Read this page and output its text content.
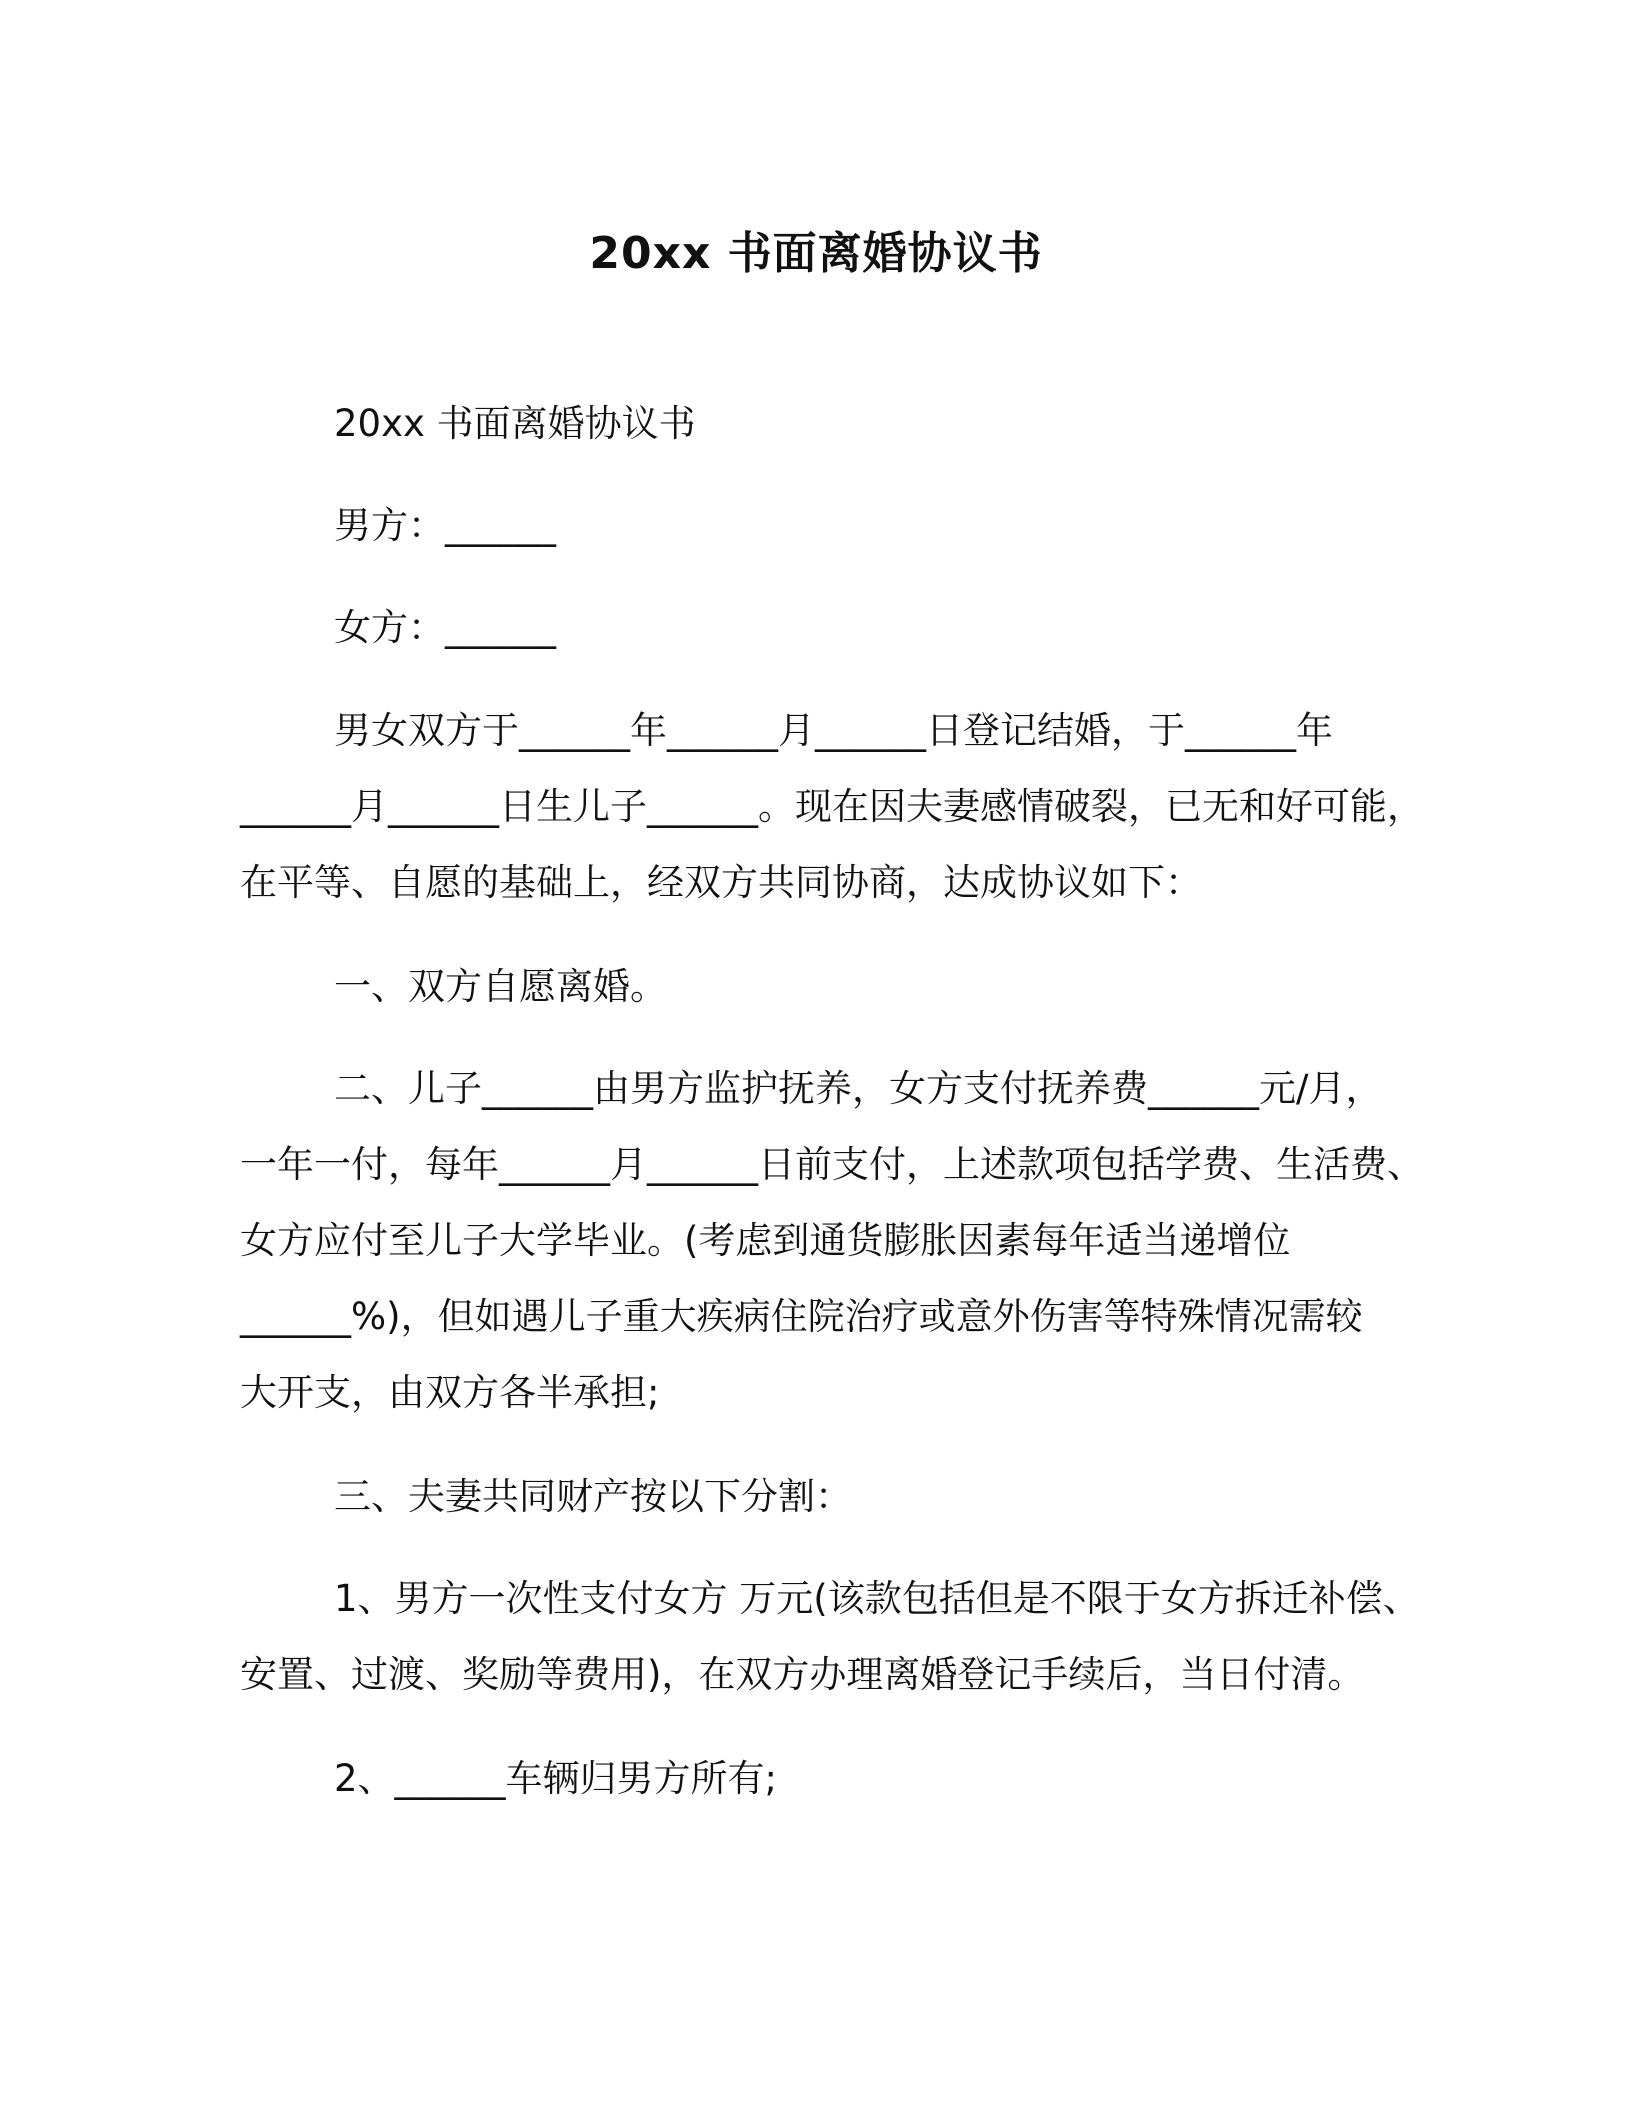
20xx 书面离婚协议书
20xx 书面离婚协议书
男方：______
女方：______
男女双方于______年______月______日登记结婚，于______年
______月______日生儿子______。现在因夫妻感情破裂，已无和好可能，
在平等、自愿的基础上，经双方共同协商，达成协议如下：
一、双方自愿离婚。
二、儿子______由男方监护抚养，女方支付抚养费______元/月，
一年一付，每年______月______日前支付，上述款项包括学费、生活费、
女方应付至儿子大学毕业。(考虑到通货膨胀因素每年适当递增位
______%)，但如遇儿子重大疾病住院治疗或意外伤害等特殊情况需较
大开支，由双方各半承担;
三、夫妻共同财产按以下分割：
1、男方一次性支付女方 万元(该款包括但是不限于女方拆迁补偿、
安置、过渡、奖励等费用)，在双方办理离婚登记手续后，当日付清。
2、______车辆归男方所有;
